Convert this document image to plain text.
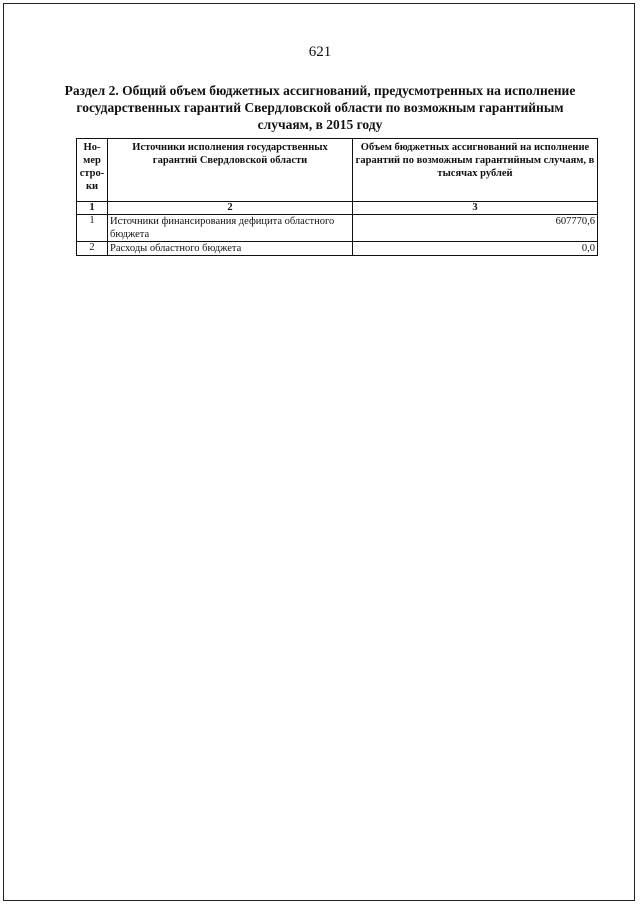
621
Раздел 2. Общий объем бюджетных ассигнований, предусмотренных на исполнение государственных гарантий Свердловской области по возможным гарантийным случаям, в 2015 году
Но-мер стро-ки	Источники исполнения государственных гарантий Свердловской области	Объем бюджетных ассигнований на исполнение гарантий по возможным гарантийным случаям, в тысячах рублей
1	2	3
1	Источники финансирования дефицита областного бюджета	607770,6
2	Расходы областного бюджета	0,0
